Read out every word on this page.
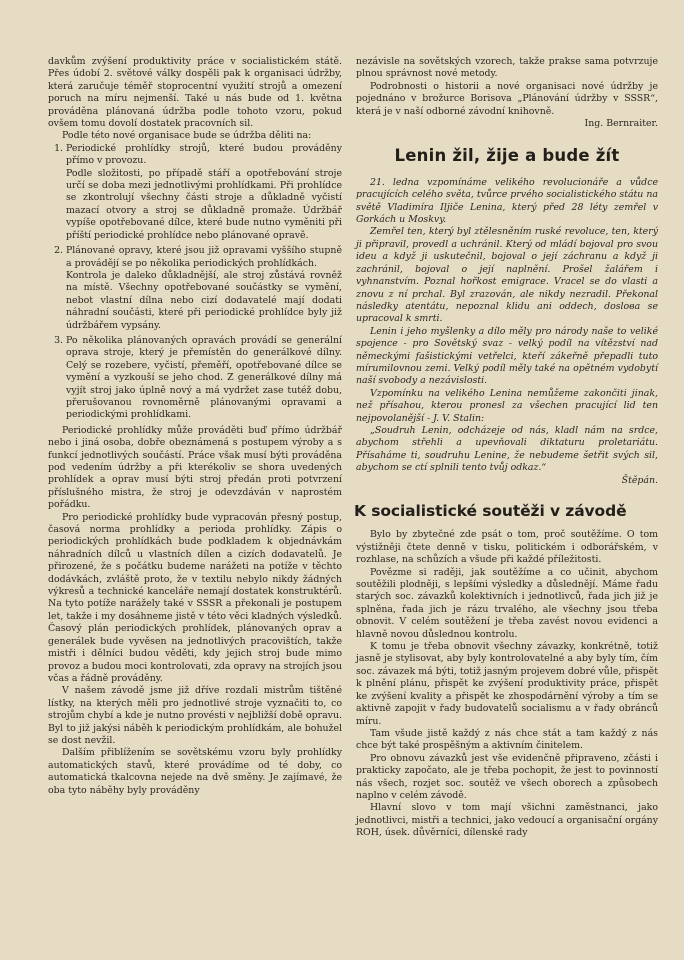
davkům zvýšení produktivity práce v socialistickém státě. Přes údobí 2. světové války dospěli pak k organisaci údržby, která zaručuje téměř stoprocentní využití strojů a omezení poruch na míru nejmenší. Také u nás bude od 1. května prováděna plánovaná údržba podle tohoto vzoru, pokud ovšem tomu dovolí dostatek pracovních sil.

Podle této nové organisace bude se údržba děliti na:

1. Periodické prohlídky strojů, které budou prováděny přímo v provozu.

Podle složitosti, po případě stáří a opotřebování stroje určí se doba mezi jednotlivými prohlídkami. Při prohlídce se zkontrolují všechny části stroje a důkladně vyčistí mazací otvory a stroj se důkladně promaže. Údržbář vypíše opotřebované dílce, které bude nutno vyměniti při příští periodické prohlídce nebo plánované opravě.

2. Plánované opravy, které jsou již opravami vyššího stupně a provádějí se po několika periodických prohlídkách.

Kontrola je daleko důkladnější, ale stroj zůstává rovněž na místě. Všechny opotřebované součástky se vymění, nebot vlastní dílna nebo cizí dodavatelé mají dodati náhradní součásti, které při periodické prohlídce byly již údržbářem vypsány.

3. Po několika plánovaných opravách provádí se generální oprava stroje, který je přemístěn do generálkové dílny. Celý se rozebere, vyčistí, přeměří, opotřebované dílce se vymění a vyzkouší se jeho chod. Z generálkové dílny má vyjít stroj jako úplně nový a má vydržet zase tutéž dobu, přerušovanou rovnoměrně plánovanými opravami a periodickými prohlídkami.

Periodické prohlídky může prováděti buď přímo údržbář nebo i jiná osoba, dobře obeznámená s postupem výroby a s funkcí jednotlivých součástí. Práce však musí býti prováděna pod vedením údržby a při kterékoliv se shora uvedených prohlídek a oprav musí býti stroj předán proti potvrzení příslušného mistra, že stroj je odevzdáván v naprostém pořádku.

Pro periodické prohlídky bude vypracován přesný postup, časová norma prohlídky a perioda prohlídky. Zápis o periodických prohlídkách bude podkladem k objednávkám náhradních dílců u vlastních dílen a cizích dodavatelů. Je přirozené, že s počátku budeme narážeti na potíže v těchto dodávkách, zvláště proto, že v textilu nebylo nikdy žádných výkresů a technické kanceláře nemají dostatek konstruktérů. Na tyto potíže narážely také v SSSR a překonali je postupem let, takže i my dosáhneme jistě v této věci kladných výsledků. Časový plán periodických prohlídek, plánovaných oprav a generálek bude vyvěsen na jednotlivých pracovištích, takže mistři i dělníci budou věděti, kdy jejich stroj bude mimo provoz a budou moci kontrolovati, zda opravy na strojích jsou včas a řádně prováděny.

V našem závodě jsme již dříve rozdali mistrům tištěné lístky, na kterých měli pro jednotlivé stroje vyznačiti to, co strojům chybí a kde je nutno provésti v nejbližší době opravu. Byl to již jakýsi náběh k periodickým prohlídkám, ale bohužel se dost nevžil.

Dalším přiblížením se sovětskému vzoru byly prohlídky automatických stavů, které provádíme od té doby, co automatická tkalcovna nejede na dvě směny. Je zajímavé, že oba tyto náběhy byly prováděny

nezávisle na sovětských vzorech, takže prakse sama potvrzuje plnou správnost nové metody.

Podrobnosti o historii a nové organisaci nové údržby je pojednáno v brožurce Borisova „Plánování údržby v SSSR“, která je v naší odborné závodní knihovně.

Ing. Bernraiter.

Lenin žil, žije a bude žít

21. ledna vzpomínáme velikého revolucionáře a vůdce pracujících celého světa, tvůrce prvého socialistického státu na světě Vladimíra Iljiče Lenina, který před 28 léty zemřel v Gorkách u Moskvy.

Zemřel ten, který byl ztělesněním ruské revoluce, ten, který ji připravil, provedl a uchránil. Který od mládí bojoval pro svou ideu a když ji uskutečnil, bojoval o její záchranu a když ji zachránil, bojoval o její naplnění. Prošel žalářem i vyhnanstvím. Poznal hořkost emigrace. Vracel se do vlasti a znovu z ní prchal. Byl zrazován, ale nikdy nezradil. Překonal následky atentátu, nepoznal klidu ani oddech, dosloва se upracoval k smrti.

Lenin i jeho myšlenky a dílo měly pro národy naše to veliké spojence - pro Sovětský svaz - velký podíl na vítězství nad německými fašistickými vetřelci, kteří zákeřně přepadli tuto mírumilovnou zemi. Velký podíl měly také na opětném vydobytí naší svobody a nezávislosti.

Vzpomínku na velikého Lenina nemůžeme zakončiti jinak, než přísahou, kterou pronesl za všechen pracující lid ten nejpovolanější - J. V. Stalin:

„Soudruh Lenin, odcházeje od nás, kladl nám na srdce, abychom střehli a upevňovali diktaturu proletariátu. Přísaháme ti, soudruhu Lenine, že nebudeme šetřit svých sil, abychom se ctí splnili tento tvůj odkaz.“

Štěpán.

K socialistické soutěži v závodě

Bylo by zbytečné zde psát o tom, proč soutěžíme. O tom výstižněji čtete denně v tisku, politickém i odborářském, v rozhlase, na schůzích a všude při každé příležitosti.

Povězme si raději, jak soutěžíme a co učinit, abychom soutěžili plodněji, s lepšími výsledky a důslednějí. Máme řadu starých soc. závazků kolektivních i jednotlivců, řada jich již je splněna, řada jich je rázu trvalého, ale všechny jsou třeba obnovit. V celém soutěžení je třeba zavést novou evidenci a hlavně novou důslednou kontrolu.

K tomu je třeba obnovit všechny závazky, konkrétně, totiž jasně je stylisovat, aby byly kontrolovatelné a aby byly tím, čím soc. závazek má býti, totiž jasným projevem dobré vůle, přispět k plnění plánu, přispět ke zvýšení produktivity práce, přispět ke zvýšení kvality a přispět ke zhospodárnění výroby a tím se aktivně zapojit v řady budovatelů socialismu a v řady obránců míru.

Tam všude jistě každý z nás chce stát a tam každý z nás chce být také prospěšným a aktivním činitelem.

Pro obnovu závazků jest vše evidenčně připraveno, zčásti i prakticky započato, ale je třeba pochopit, že jest to povinností nás všech, rozjet soc. soutěž ve všech oborech a způsobech naplno v celém závodě.

Hlavní slovo v tom mají všichni zaměstnanci, jako jednotlivci, mistři a technici, jako vedoucí a organisační orgány ROH, úsek. důvěrníci, dílenské rady
